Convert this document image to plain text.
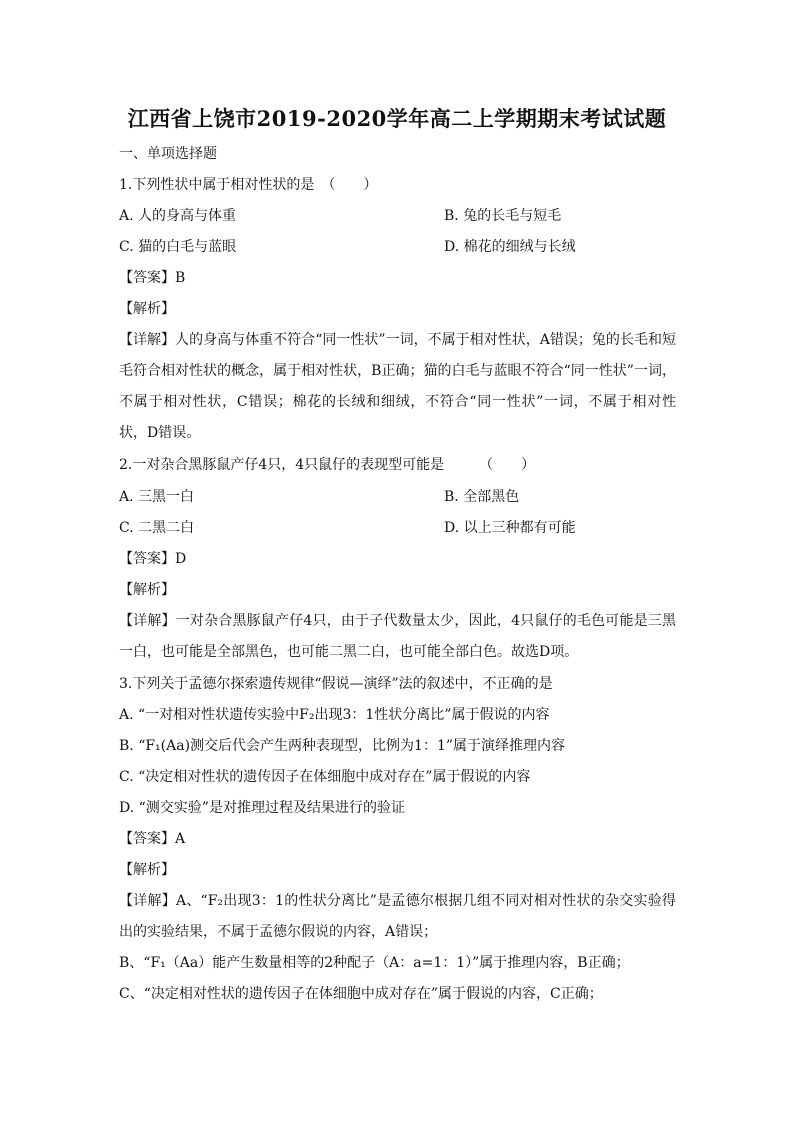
江西省上饶市2019-2020学年高二上学期期末考试试题
一、单项选择题
1.下列性状中属于相对性状的是　（　　）
A. 人的身高与体重	B. 兔的长毛与短毛
C. 猫的白毛与蓝眼	D. 棉花的细绒与长绒
【答案】B
【解析】
【详解】人的身高与体重不符合“同一性状”一词，不属于相对性状，A错误；兔的长毛和短毛符合相对性状的概念，属于相对性状，B正确；猫的白毛与蓝眼不符合“同一性状”一词，不属于相对性状，C错误；棉花的长绒和细绒，不符合“同一性状”一词，不属于相对性状，D错误。
2.一对杂合黑豚鼠产仔4只，4只鼠仔的表现型可能是　　　（　　）
A. 三黑一白	B. 全部黑色
C. 二黑二白	D. 以上三种都有可能
【答案】D
【解析】
【详解】一对杂合黑豚鼠产仔4只，由于子代数量太少，因此，4只鼠仔的毛色可能是三黑一白，也可能是全部黑色，也可能二黑二白，也可能全部白色。故选D项。
3.下列关于孟德尔探索遗传规律“假说—演绎”法的叙述中，不正确的是
A. “一对相对性状遗传实验中F₂出现3：1性状分离比”属于假说的内容
B. “F₁(Aa)测交后代会产生两种表现型，比例为1：1”属于演绎推理内容
C. “决定相对性状的遗传因子在体细胞中成对存在”属于假说的内容
D. “测交实验”是对推理过程及结果进行的验证
【答案】A
【解析】
【详解】A、“F₂出现3：1的性状分离比”是孟德尔根据几组不同对相对性状的杂交实验得出的实验结果，不属于孟德尔假说的内容，A错误；
B、“F₁（Aa）能产生数量相等的2种配子（A：a=1：1）”属于推理内容，B正确；
C、“决定相对性状的遗传因子在体细胞中成对存在”属于假说的内容，C正确；
